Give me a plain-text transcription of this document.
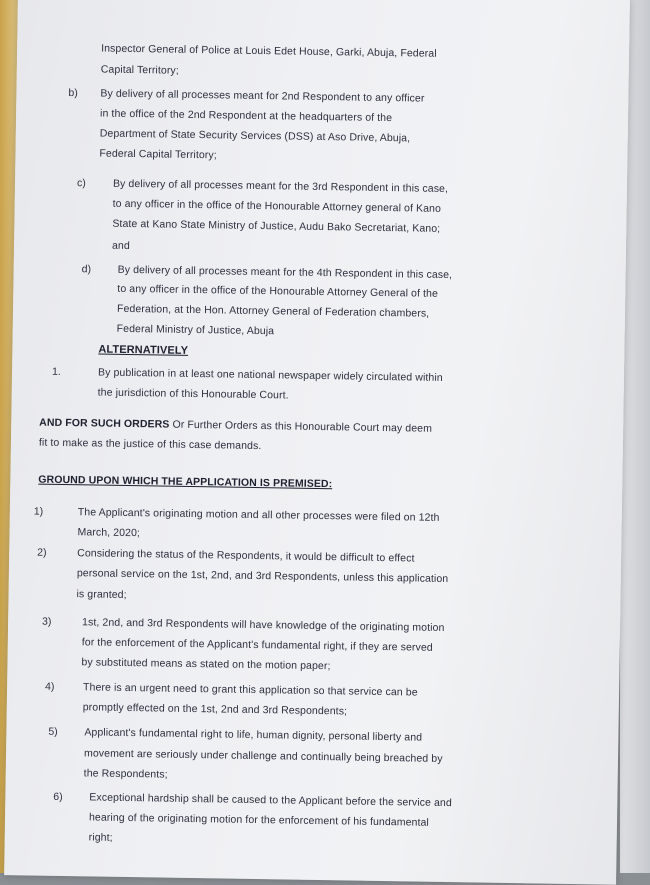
Inspector General of Police at Louis Edet House, Garki, Abuja, Federal
Capital Territory;
b) By delivery of all processes meant for 2nd Respondent to any officer
in the office of the 2nd Respondent at the headquarters of the
Department of State Security Services (DSS) at Aso Drive, Abuja,
Federal Capital Territory;
c)	By delivery of all processes meant for the 3rd Respondent in this case,
to any officer in the office of the Honourable Attorney general of Kano
State at Kano State Ministry of Justice, Audu Bako Secretariat, Kano;
and
d)	By delivery of all processes meant for the 4th Respondent in this case,
to any officer in the office of the Honourable Attorney General of the
Federation, at the Hon. Attorney General of Federation chambers,
Federal Ministry of Justice, Abuja
ALTERNATIVELY
1.	By publication in at least one national newspaper widely circulated within
the jurisdiction of this Honourable Court.
AND FOR SUCH ORDERS Or Further Orders as this Honourable Court may deem
fit to make as the justice of this case demands.
GROUND UPON WHICH THE APPLICATION IS PREMISED:
1)	The Applicant's originating motion and all other processes were filed on 12th
March, 2020;
2)	Considering the status of the Respondents, it would be difficult to effect
personal service on the 1st, 2nd, and 3rd Respondents, unless this application
is granted;
3)	1st, 2nd, and 3rd Respondents will have knowledge of the originating motion
for the enforcement of the Applicant's fundamental right, if they are served
by substituted means as stated on the motion paper;
4)	There is an urgent need to grant this application so that service can be
promptly effected on the 1st, 2nd and 3rd Respondents;
5)	Applicant's fundamental right to life, human dignity, personal liberty and
movement are seriously under challenge and continually being breached by
the Respondents;
6)	Exceptional hardship shall be caused to the Applicant before the service and
hearing of the originating motion for the enforcement of his fundamental
right;
